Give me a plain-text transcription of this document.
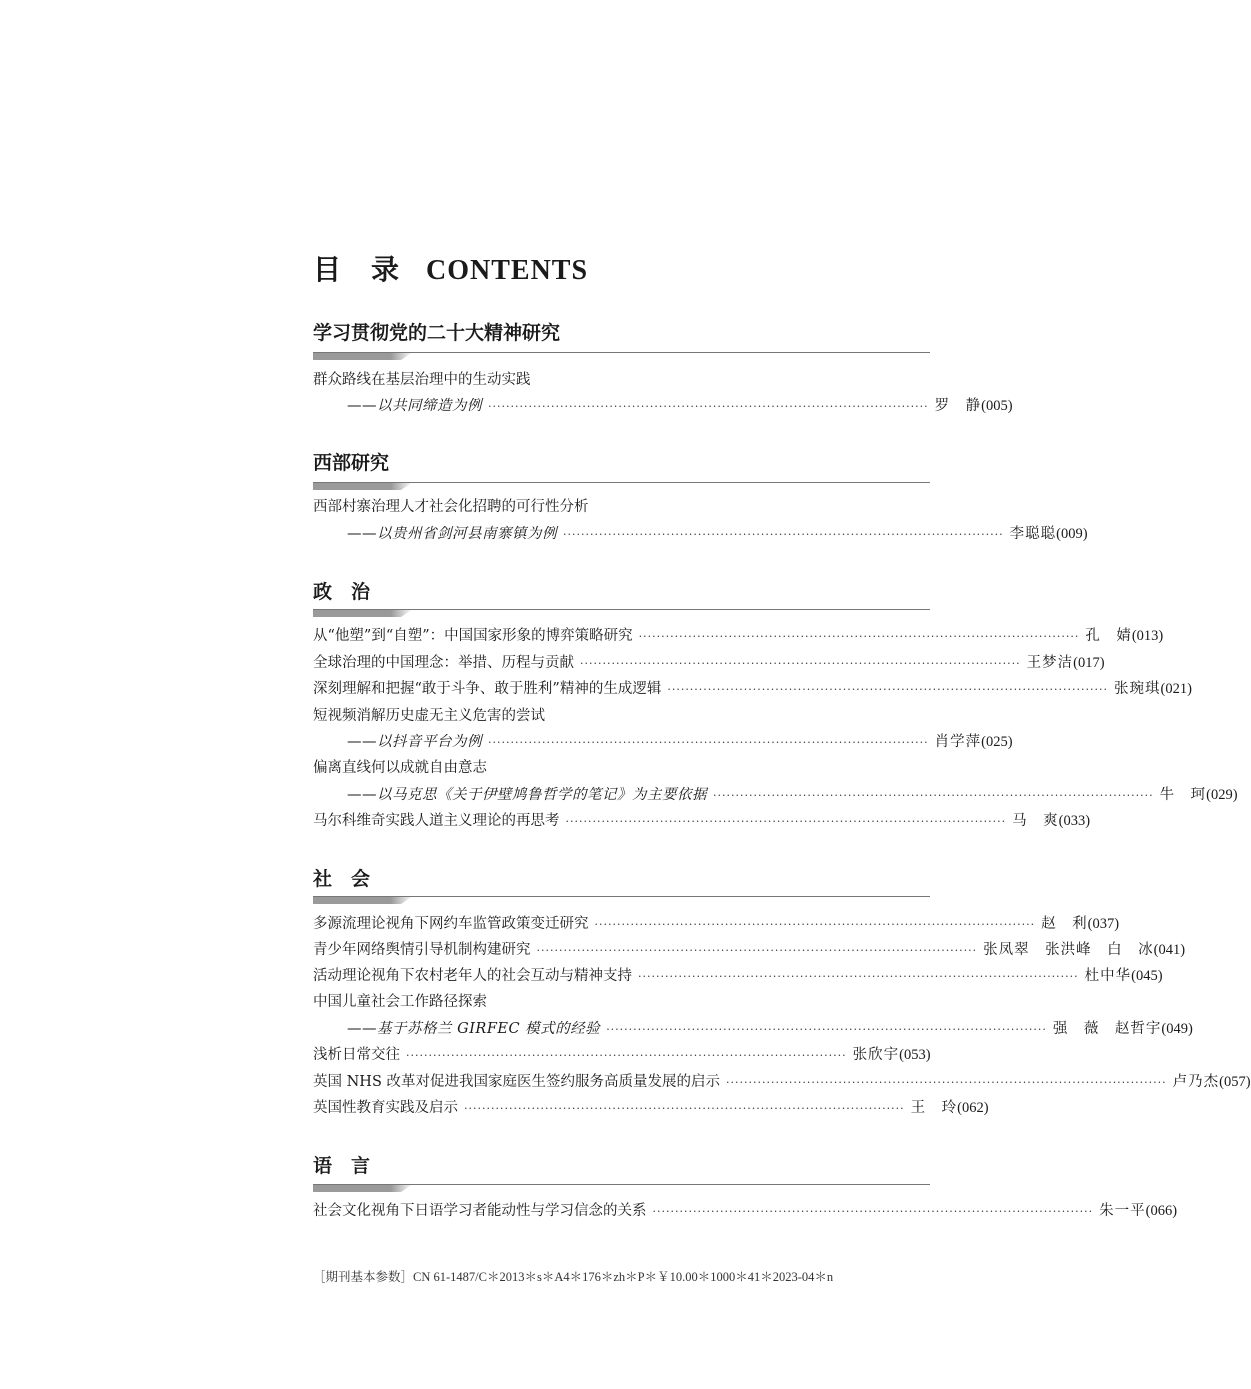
目　录 CONTENTS
学习贯彻党的二十大精神研究
群众路线在基层治理中的生动实践
——以共同缔造为例 ·································································································· 罗　静 (005)
西部研究
西部村寨治理人才社会化招聘的可行性分析
——以贵州省剑河县南寨镇为例 ·································································································· 李聪聪 (009)
政　治
从“他塑”到“自塑”：中国国家形象的博弈策略研究 ·································································································· 孔　婧 (013)
全球治理的中国理念：举措、历程与贡献 ·································································································· 王梦洁 (017)
深刻理解和把握“敢于斗争、敢于胜利”精神的生成逻辑 ·································································································· 张琬琪 (021)
短视频消解历史虚无主义危害的尝试
——以抖音平台为例 ·································································································· 肖学萍 (025)
偏离直线何以成就自由意志
——以马克思《关于伊壁鸠鲁哲学的笔记》为主要依据 ·································································································· 牛　珂 (029)
马尔科维奇实践人道主义理论的再思考 ·································································································· 马　爽 (033)
社　会
多源流理论视角下网约车监管政策变迁研究 ·································································································· 赵　利 (037)
青少年网络舆情引导机制构建研究 ·································································································· 张凤翠　张洪峰　白　冰 (041)
活动理论视角下农村老年人的社会互动与精神支持 ·································································································· 杜中华 (045)
中国儿童社会工作路径探索
——基于苏格兰 GIRFEC 模式的经验 ·································································································· 强　薇　赵哲宇 (049)
浅析日常交往 ·································································································· 张欣宇 (053)
英国 NHS 改革对促进我国家庭医生签约服务高质量发展的启示 ·································································································· 卢乃杰 (057)
英国性教育实践及启示 ·································································································· 王　玲 (062)
语　言
社会文化视角下日语学习者能动性与学习信念的关系 ·································································································· 朱一平 (066)
［期刊基本参数］CN 61-1487/C＊2013＊s＊A4＊176＊zh＊P＊￥10.00＊1000＊41＊2023-04＊n
